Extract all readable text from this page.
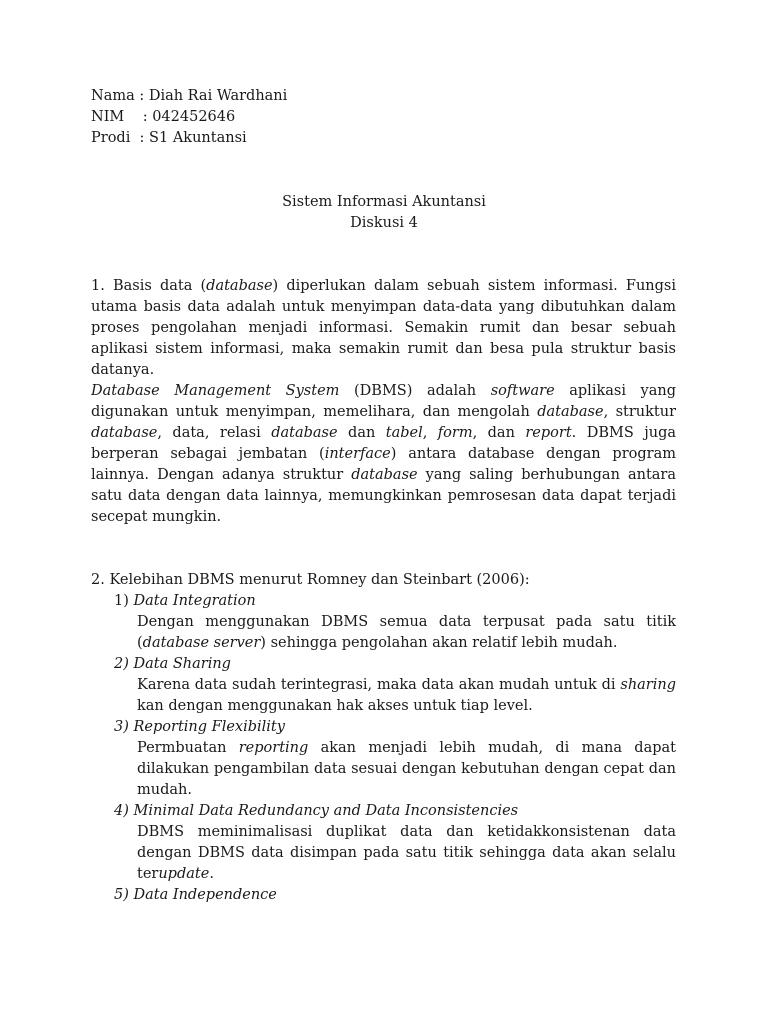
Nama : Diah Rai Wardhani
NIM    : 042452646
Prodi  : S1 Akuntansi
Sistem Informasi Akuntansi
Diskusi 4
1. Basis data (database) diperlukan dalam sebuah sistem informasi. Fungsi
utama basis data adalah untuk menyimpan data-data yang dibutuhkan dalam
proses pengolahan menjadi informasi. Semakin rumit dan besar sebuah
aplikasi sistem informasi, maka semakin rumit dan besa pula struktur basis
datanya.
Database Management System (DBMS) adalah software aplikasi yang
digunakan untuk menyimpan, memelihara, dan mengolah database, struktur
database, data, relasi database dan tabel, form, dan report. DBMS juga
berperan sebagai jembatan (interface) antara database dengan program
lainnya. Dengan adanya struktur database yang saling berhubungan antara
satu data dengan data lainnya, memungkinkan pemrosesan data dapat terjadi
secepat mungkin.
2. Kelebihan DBMS menurut Romney dan Steinbart (2006):
1) Data Integration
Dengan menggunakan DBMS semua data terpusat pada satu titik
(database server) sehingga pengolahan akan relatif lebih mudah.
2) Data Sharing
Karena data sudah terintegrasi, maka data akan mudah untuk di sharing
kan dengan menggunakan hak akses untuk tiap level.
3) Reporting Flexibility
Permbuatan reporting akan menjadi lebih mudah, di mana dapat
dilakukan pengambilan data sesuai dengan kebutuhan dengan cepat dan
mudah.
4) Minimal Data Redundancy and Data Inconsistencies
DBMS meminimalisasi duplikat data dan ketidakkonsistenan data
dengan DBMS data disimpan pada satu titik sehingga data akan selalu
terupdate.
5) Data Independence
